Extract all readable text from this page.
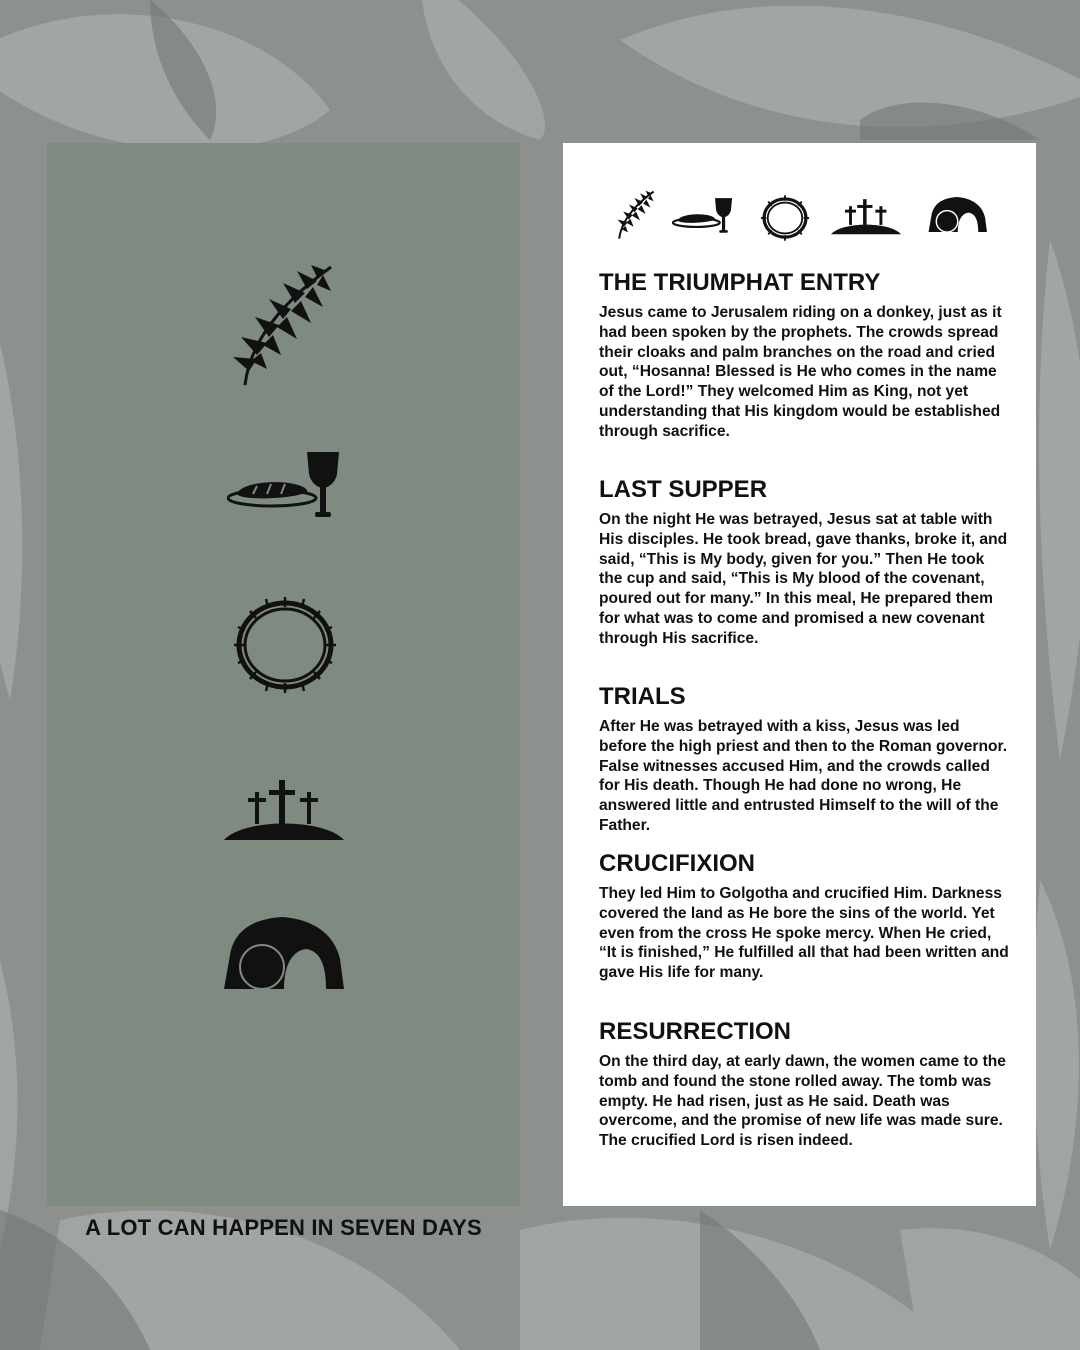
A LOT CAN HAPPEN IN SEVEN DAYS
THE TRIUMPHAT ENTRY

Jesus came to Jerusalem riding on a donkey, just as it had been spoken by the prophets. The crowds spread their cloaks and palm branches on the road and cried out, “Hosanna! Blessed is He who comes in the name of the Lord!” They welcomed Him as King, not yet understanding that His kingdom would be established through sacrifice.

LAST SUPPER

On the night He was betrayed, Jesus sat at table with His disciples. He took bread, gave thanks, broke it, and said, “This is My body, given for you.” Then He took the cup and said, “This is My blood of the covenant, poured out for many.” In this meal, He prepared them for what was to come and promised a new covenant through His sacrifice.

TRIALS

After He was betrayed with a kiss, Jesus was led before the high priest and then to the Roman governor. False witnesses accused Him, and the crowds called for His death. Though He had done no wrong, He answered little and entrusted Himself to the will of the Father.

CRUCIFIXION

They led Him to Golgotha and crucified Him. Darkness covered the land as He bore the sins of the world. Yet even from the cross He spoke mercy. When He cried, “It is finished,” He fulfilled all that had been written and gave His life for many.

RESURRECTION

On the third day, at early dawn, the women came to the tomb and found the stone rolled away. The tomb was empty. He had risen, just as He said. Death was overcome, and the promise of new life was made sure. The crucified Lord is risen indeed.
